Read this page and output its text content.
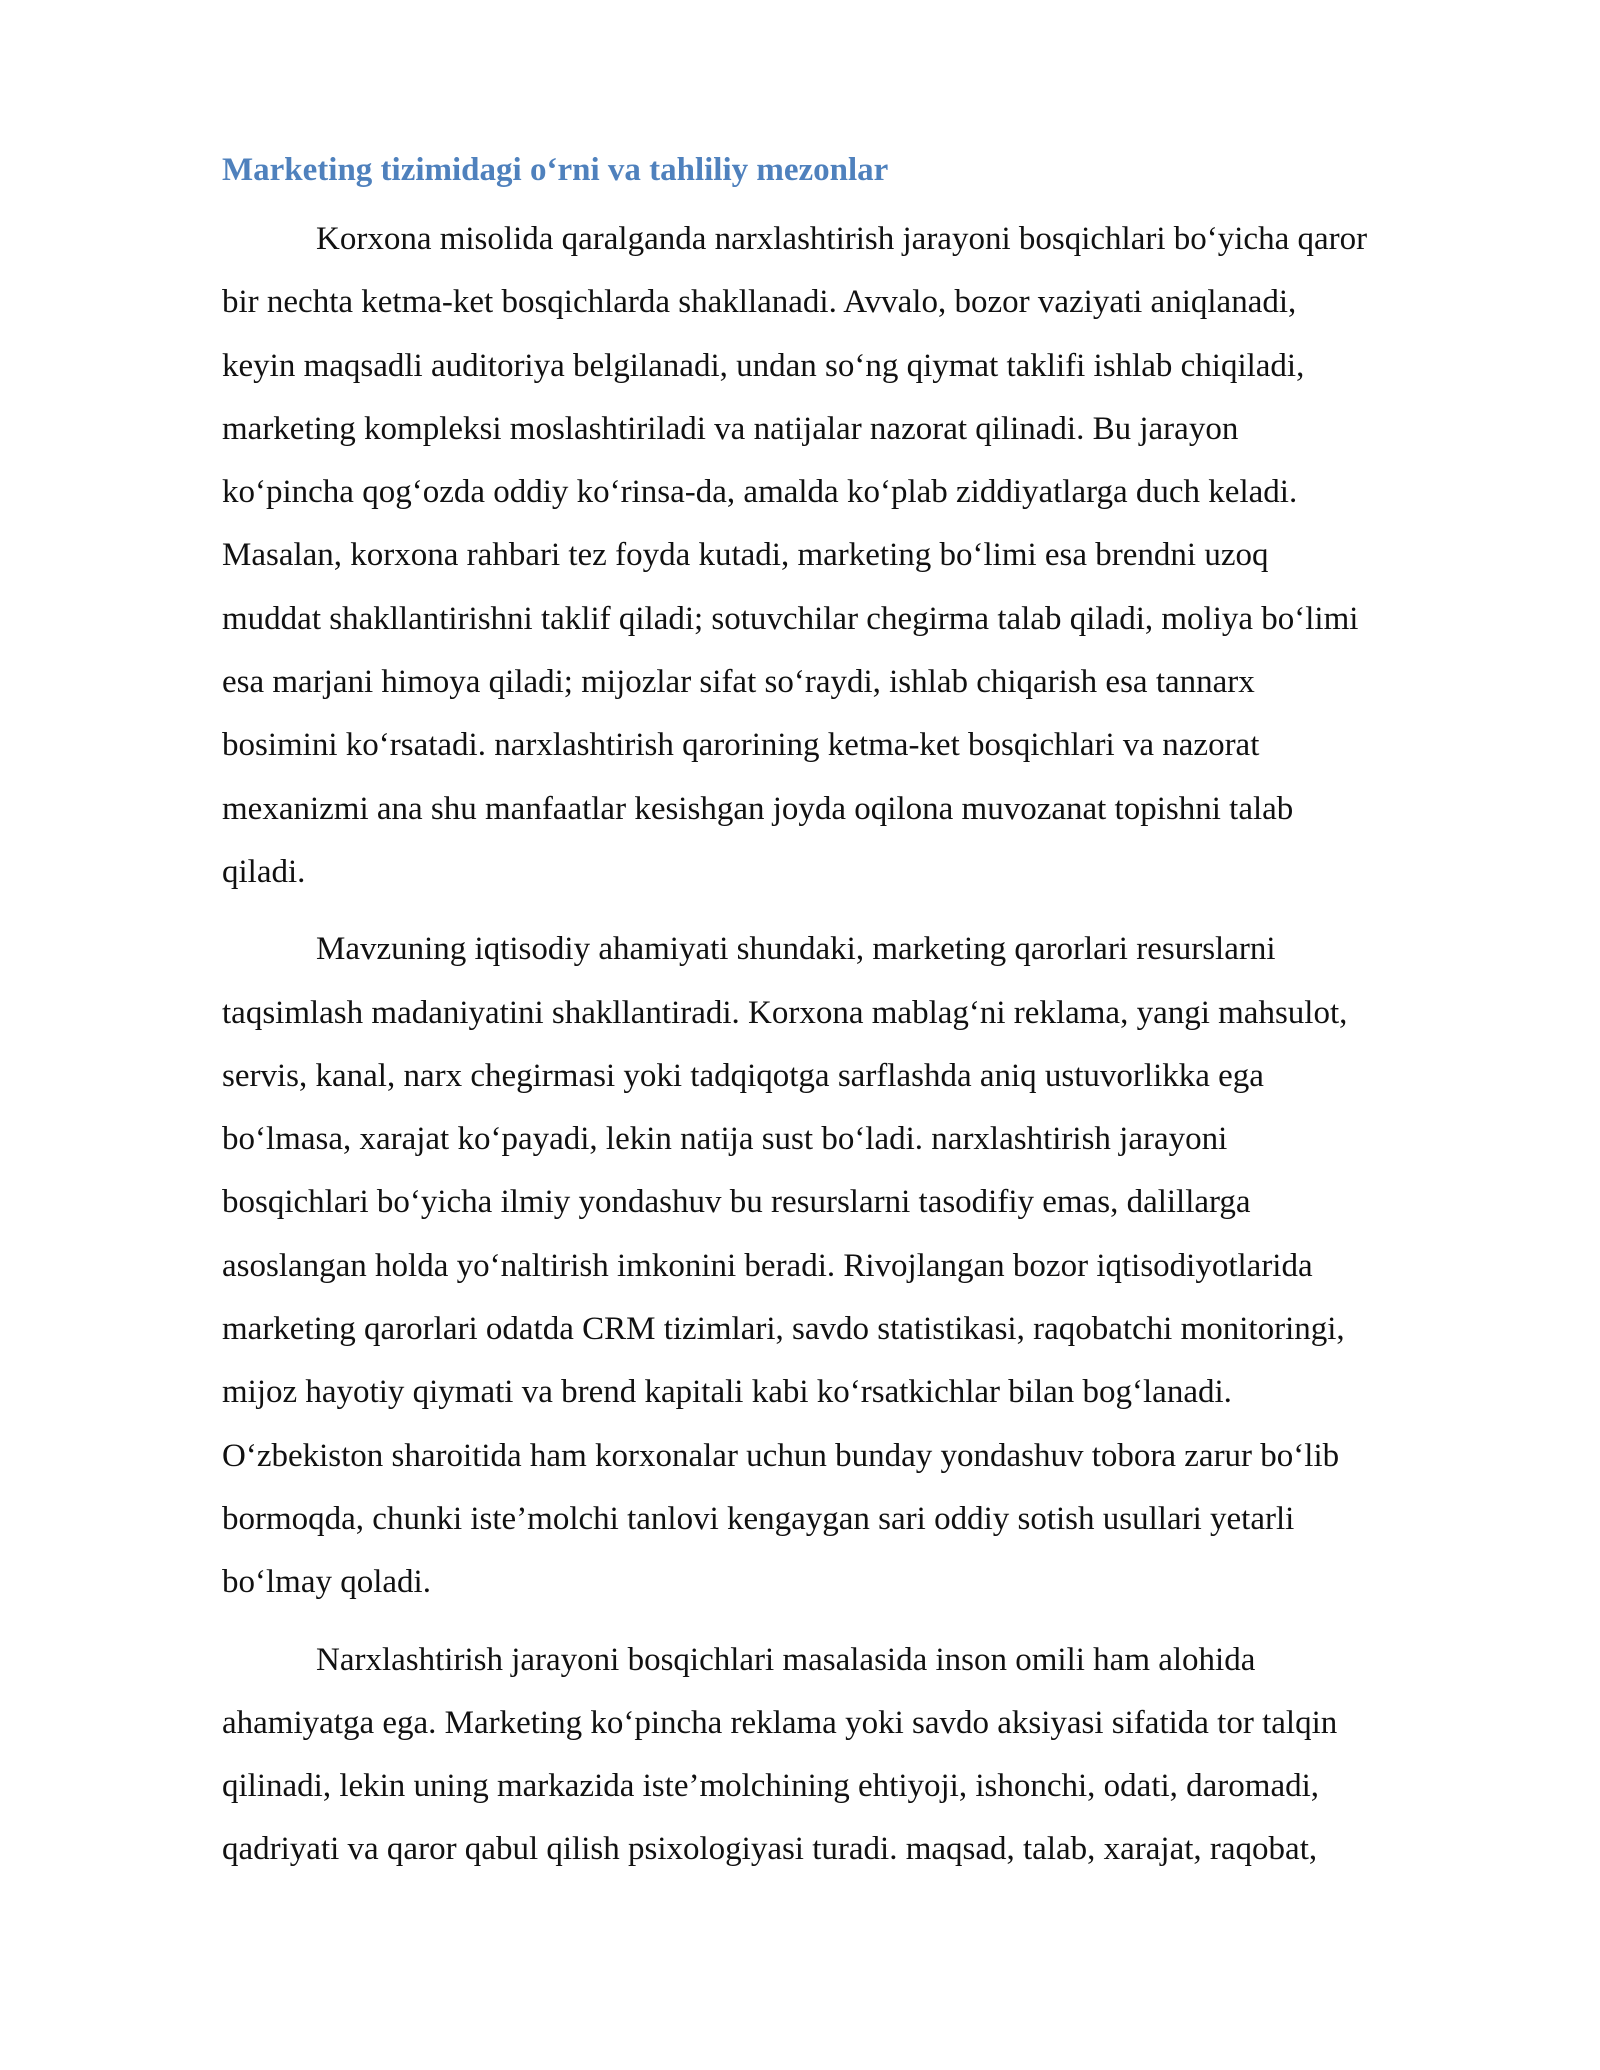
Marketing tizimidagi o‘rni va tahliliy mezonlar

Korxona misolida qaralganda narxlashtirish jarayoni bosqichlari bo‘yicha qaror
bir nechta ketma-ket bosqichlarda shakllanadi. Avvalo, bozor vaziyati aniqlanadi,
keyin maqsadli auditoriya belgilanadi, undan so‘ng qiymat taklifi ishlab chiqiladi,
marketing kompleksi moslashtiriladi va natijalar nazorat qilinadi. Bu jarayon
ko‘pincha qog‘ozda oddiy ko‘rinsa-da, amalda ko‘plab ziddiyatlarga duch keladi.
Masalan, korxona rahbari tez foyda kutadi, marketing bo‘limi esa brendni uzoq
muddat shakllantirishni taklif qiladi; sotuvchilar chegirma talab qiladi, moliya bo‘limi
esa marjani himoya qiladi; mijozlar sifat so‘raydi, ishlab chiqarish esa tannarx
bosimini ko‘rsatadi. narxlashtirish qarorining ketma-ket bosqichlari va nazorat
mexanizmi ana shu manfaatlar kesishgan joyda oqilona muvozanat topishni talab
qiladi.

Mavzuning iqtisodiy ahamiyati shundaki, marketing qarorlari resurslarni
taqsimlash madaniyatini shakllantiradi. Korxona mablag‘ni reklama, yangi mahsulot,
servis, kanal, narx chegirmasi yoki tadqiqotga sarflashda aniq ustuvorlikka ega
bo‘lmasa, xarajat ko‘payadi, lekin natija sust bo‘ladi. narxlashtirish jarayoni
bosqichlari bo‘yicha ilmiy yondashuv bu resurslarni tasodifiy emas, dalillarga
asoslangan holda yo‘naltirish imkonini beradi. Rivojlangan bozor iqtisodiyotlarida
marketing qarorlari odatda CRM tizimlari, savdo statistikasi, raqobatchi monitoringi,
mijoz hayotiy qiymati va brend kapitali kabi ko‘rsatkichlar bilan bog‘lanadi.
O‘zbekiston sharoitida ham korxonalar uchun bunday yondashuv tobora zarur bo‘lib
bormoqda, chunki iste’molchi tanlovi kengaygan sari oddiy sotish usullari yetarli
bo‘lmay qoladi.

Narxlashtirish jarayoni bosqichlari masalasida inson omili ham alohida
ahamiyatga ega. Marketing ko‘pincha reklama yoki savdo aksiyasi sifatida tor talqin
qilinadi, lekin uning markazida iste’molchining ehtiyoji, ishonchi, odati, daromadi,
qadriyati va qaror qabul qilish psixologiyasi turadi. maqsad, talab, xarajat, raqobat,
